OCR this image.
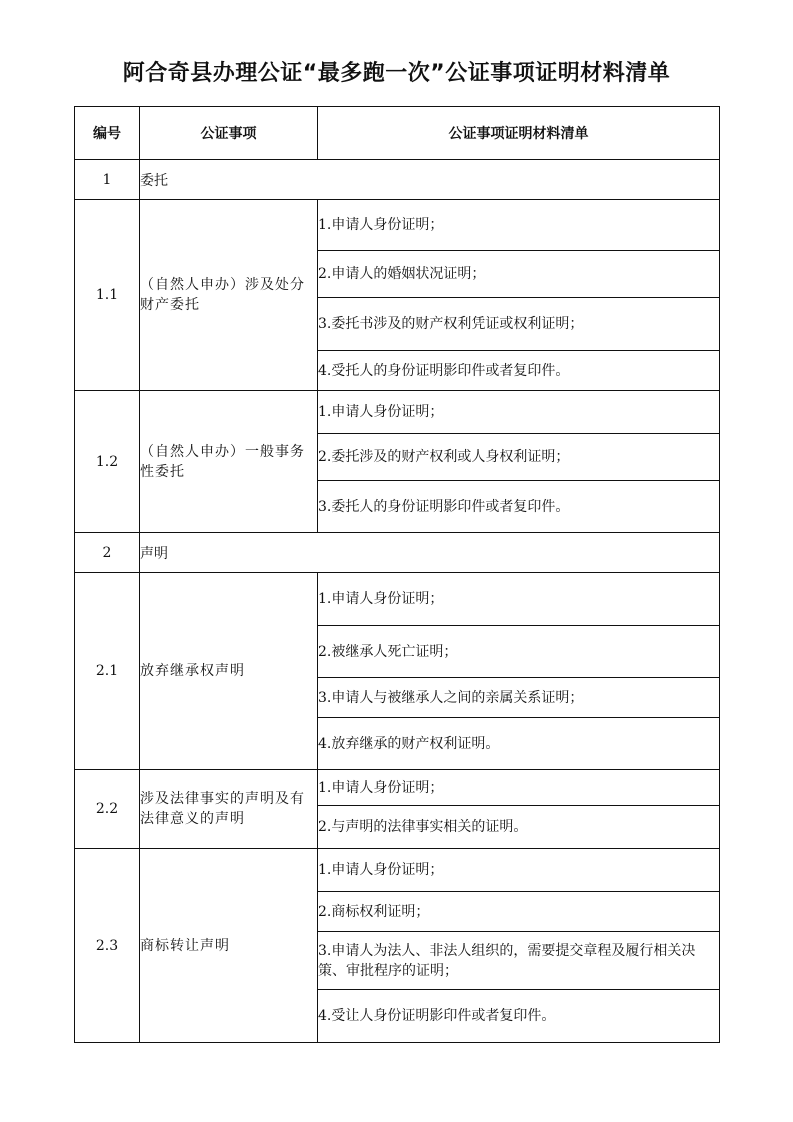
阿合奇县办理公证“最多跑一次”公证事项证明材料清单
编号	公证事项	公证事项证明材料清单
1	委托	
1.1	（自然人申办）涉及处分财产委托	1.申请人身份证明；
		2.申请人的婚姻状况证明；
		3.委托书涉及的财产权利凭证或权利证明；
		4.受托人的身份证明影印件或者复印件。
1.2	（自然人申办）一般事务性委托	1.申请人身份证明；
		2.委托涉及的财产权利或人身权利证明；
		3.委托人的身份证明影印件或者复印件。
2	声明	
2.1	放弃继承权声明	1.申请人身份证明；
		2.被继承人死亡证明；
		3.申请人与被继承人之间的亲属关系证明；
		4.放弃继承的财产权利证明。
2.2	涉及法律事实的声明及有法律意义的声明	1.申请人身份证明；
		2.与声明的法律事实相关的证明。
2.3	商标转让声明	1.申请人身份证明；
		2.商标权利证明；
		3.申请人为法人、非法人组织的，需要提交章程及履行相关决策、审批程序的证明；
		4.受让人身份证明影印件或者复印件。
